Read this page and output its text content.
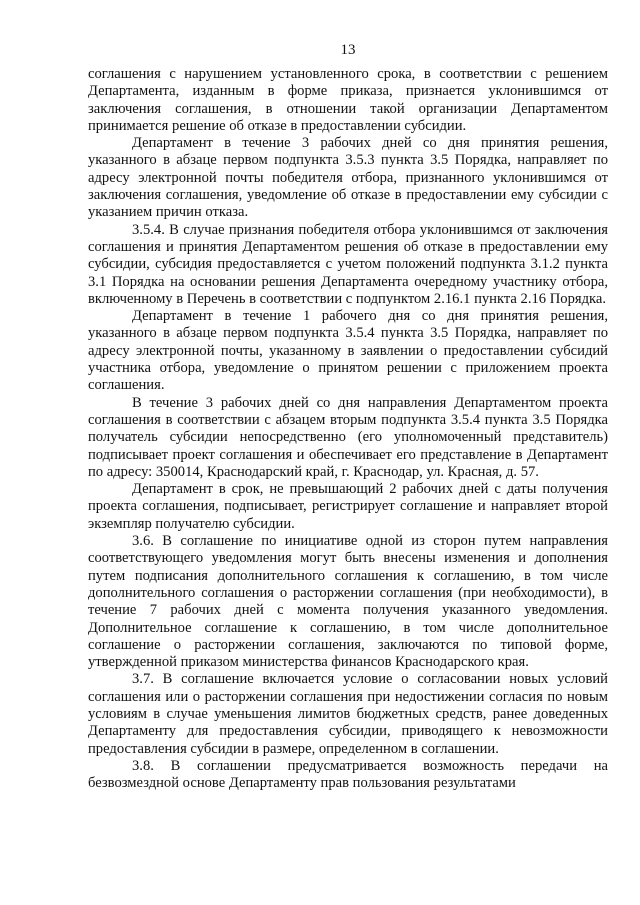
13

соглашения с нарушением установленного срока, в соответствии с решением Департамента, изданным в форме приказа, признается уклонившимся от заключения соглашения, в отношении такой организации Департаментом принимается решение об отказе в предоставлении субсидии.

Департамент в течение 3 рабочих дней со дня принятия решения, указанного в абзаце первом подпункта 3.5.3 пункта 3.5 Порядка, направляет по адресу электронной почты победителя отбора, признанного уклонившимся от заключения соглашения, уведомление об отказе в предоставлении ему субсидии с указанием причин отказа.

3.5.4. В случае признания победителя отбора уклонившимся от заключения соглашения и принятия Департаментом решения об отказе в предоставлении ему субсидии, субсидия предоставляется с учетом положений подпункта 3.1.2 пункта 3.1 Порядка на основании решения Департамента очередному участнику отбора, включенному в Перечень в соответствии с подпунктом 2.16.1 пункта 2.16 Порядка.

Департамент в течение 1 рабочего дня со дня принятия решения, указанного в абзаце первом подпункта 3.5.4 пункта 3.5 Порядка, направляет по адресу электронной почты, указанному в заявлении о предоставлении субсидий участника отбора, уведомление о принятом решении с приложением проекта соглашения.

В течение 3 рабочих дней со дня направления Департаментом проекта соглашения в соответствии с абзацем вторым подпункта 3.5.4 пункта 3.5 Порядка получатель субсидии непосредственно (его уполномоченный представитель) подписывает проект соглашения и обеспечивает его представление в Департамент по адресу: 350014, Краснодарский край, г. Краснодар, ул. Красная, д. 57.

Департамент в срок, не превышающий 2 рабочих дней с даты получения проекта соглашения, подписывает, регистрирует соглашение и направляет второй экземпляр получателю субсидии.

3.6. В соглашение по инициативе одной из сторон путем направления соответствующего уведомления могут быть внесены изменения и дополнения путем подписания дополнительного соглашения к соглашению, в том числе дополнительного соглашения о расторжении соглашения (при необходимости), в течение 7 рабочих дней с момента получения указанного уведомления. Дополнительное соглашение к соглашению, в том числе дополнительное соглашение о расторжении соглашения, заключаются по типовой форме, утвержденной приказом министерства финансов Краснодарского края.

3.7. В соглашение включается условие о согласовании новых условий соглашения или о расторжении соглашения при недостижении согласия по новым условиям в случае уменьшения лимитов бюджетных средств, ранее доведенных Департаменту для предоставления субсидии, приводящего к невозможности предоставления субсидии в размере, определенном в соглашении.

3.8. В соглашении предусматривается возможность передачи на безвозмездной основе Департаменту прав пользования результатами
